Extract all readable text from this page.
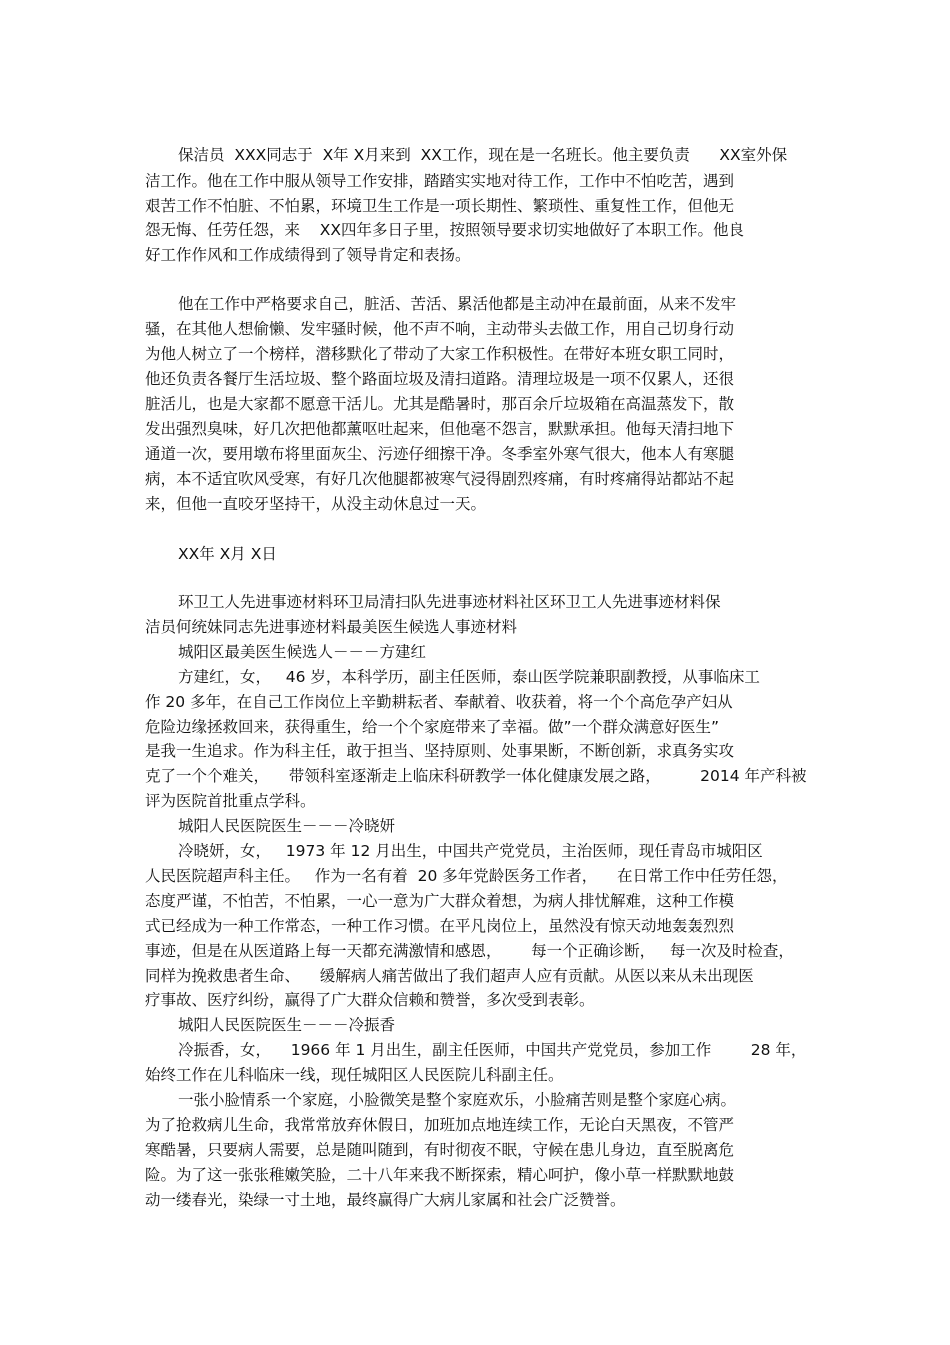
保洁员  XXX同志于  X年 X月来到  XX工作，现在是一名班长。他主要负责      XX室外保
洁工作。他在工作中服从领导工作安排，踏踏实实地对待工作，工作中不怕吃苦，遇到
艰苦工作不怕脏、不怕累，环境卫生工作是一项长期性、繁琐性、重复性工作，但他无
怨无悔、任劳任怨，来    XX四年多日子里，按照领导要求切实地做好了本职工作。他良
好工作作风和工作成绩得到了领导肯定和表扬。
他在工作中严格要求自己，脏活、苦活、累活他都是主动冲在最前面，从来不发牢
骚，在其他人想偷懒、发牢骚时候，他不声不响，主动带头去做工作，用自己切身行动
为他人树立了一个榜样，潜移默化了带动了大家工作积极性。在带好本班女职工同时，
他还负责各餐厅生活垃圾、整个路面垃圾及清扫道路。清理垃圾是一项不仅累人，还很
脏活儿，也是大家都不愿意干活儿。尤其是酷暑时，那百余斤垃圾箱在高温蒸发下，散
发出强烈臭味，好几次把他都薰呕吐起来，但他毫不怨言，默默承担。他每天清扫地下
通道一次，要用墩布将里面灰尘、污迹仔细擦干净。冬季室外寒气很大，他本人有寒腿
病，本不适宜吹风受寒，有好几次他腿都被寒气浸得剧烈疼痛，有时疼痛得站都站不起
来，但他一直咬牙坚持干，从没主动休息过一天。
XX年 X月 X日
环卫工人先进事迹材料环卫局清扫队先进事迹材料社区环卫工人先进事迹材料保
洁员何统妹同志先进事迹材料最美医生候选人事迹材料
城阳区最美医生候选人－－－方建红
方建红，女，   46 岁，本科学历，副主任医师，泰山医学院兼职副教授，从事临床工
作 20 多年，在自己工作岗位上辛勤耕耘者、奉献着、收获着，将一个个高危孕产妇从
危险边缘拯救回来，获得重生，给一个个家庭带来了幸福。做”一个群众满意好医生”
是我一生追求。作为科主任，敢于担当、坚持原则、处事果断，不断创新，求真务实攻
克了一个个难关，    带领科室逐渐走上临床科研教学一体化健康发展之路，        2014 年产科被
评为医院首批重点学科。
城阳人民医院医生－－－冷晓妍
冷晓妍，女，   1973 年 12 月出生，中国共产党党员，主治医师，现任青岛市城阳区
人民医院超声科主任。   作为一名有着  20 多年党龄医务工作者，    在日常工作中任劳任怨，
态度严谨，不怕苦，不怕累，一心一意为广大群众着想，为病人排忧解难，这种工作模
式已经成为一种工作常态，一种工作习惯。在平凡岗位上，虽然没有惊天动地轰轰烈烈
事迹，但是在从医道路上每一天都充满激情和感恩，      每一个正确诊断，   每一次及时检查，
同样为挽救患者生命、    缓解病人痛苦做出了我们超声人应有贡献。从医以来从未出现医
疗事故、医疗纠纷，赢得了广大群众信赖和赞誉，多次受到表彰。
城阳人民医院医生－－－冷振香
冷振香，女，    1966 年 1 月出生，副主任医师，中国共产党党员，参加工作        28 年，
始终工作在儿科临床一线，现任城阳区人民医院儿科副主任。
一张小脸情系一个家庭，小脸微笑是整个家庭欢乐，小脸痛苦则是整个家庭心病。
为了抢救病儿生命，我常常放弃休假日，加班加点地连续工作，无论白天黑夜，不管严
寒酷暑，只要病人需要，总是随叫随到，有时彻夜不眠，守候在患儿身边，直至脱离危
险。为了这一张张稚嫩笑脸，二十八年来我不断探索，精心呵护，像小草一样默默地鼓
动一缕春光，染绿一寸土地，最终赢得广大病儿家属和社会广泛赞誉。
